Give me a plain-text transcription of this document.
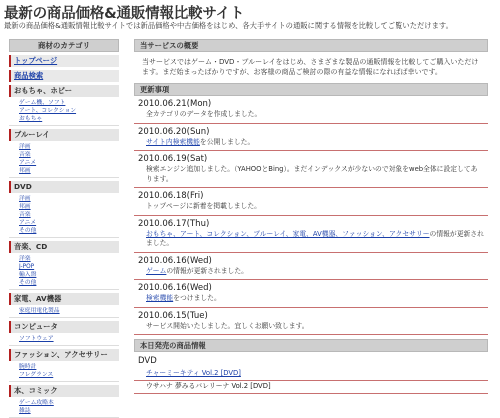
最新の商品価格&通販情報比較サイト
最新の商品価格&通販情報比較サイトでは新品価格や中古価格をはじめ、各大手サイトの通販に関する情報を比較してご覧いただけます。
商材のカテゴリ
トップページ
商品検索
おもちゃ、ホビー
ゲーム機、ソフト
アート、コレクション
おもちゃ
ブルーレイ
洋画
音楽
アニメ
邦画
DVD
洋画
邦画
音楽
アニメ
その他
音楽、CD
洋楽
J-POP
輸入盤
その他
家電、AV機器
家庭用電化製品
コンピュータ
ソフトウェア
ファッション、アクセサリー
腕時計
フレグランス
本、コミック
ゲーム攻略本
雑誌
当サービスの概要
当サービスではゲーム・DVD・ブルーレイをはじめ、さまざまな製品の通販情報を比較してご購入いただけます。まだ始まったばかりですが、お客様の商品ご検討の際の有益な情報になればば幸いです。
更新事項
2010.06.21(Mon)
全カテゴリのデータを作成しました。
2010.06.20(Sun)
サイト内検索機能を公開しました。
2010.06.19(Sat)
検索エンジン追加しました。（YAHOOとBing）。まだインデックスが少ないので対象をweb全体に設定してあります。
2010.06.18(Fri)
トップページに新着を掲載しました。
2010.06.17(Thu)
おもちゃ、アート、コレクション、ブルーレイ、家電、AV機器、ファッション、アクセサリーの情報が更新されました。
2010.06.16(Wed)
ゲームの情報が更新されました。
2010.06.16(Wed)
検索機能をつけました。
2010.06.15(Tue)
サービス開始いたしました。宜しくお願い致します。
本日発売の商品情報
DVD
チャーミーキティ Vol.2 [DVD]
ウサハナ 夢みるバレリーナ Vol.2 [DVD]
